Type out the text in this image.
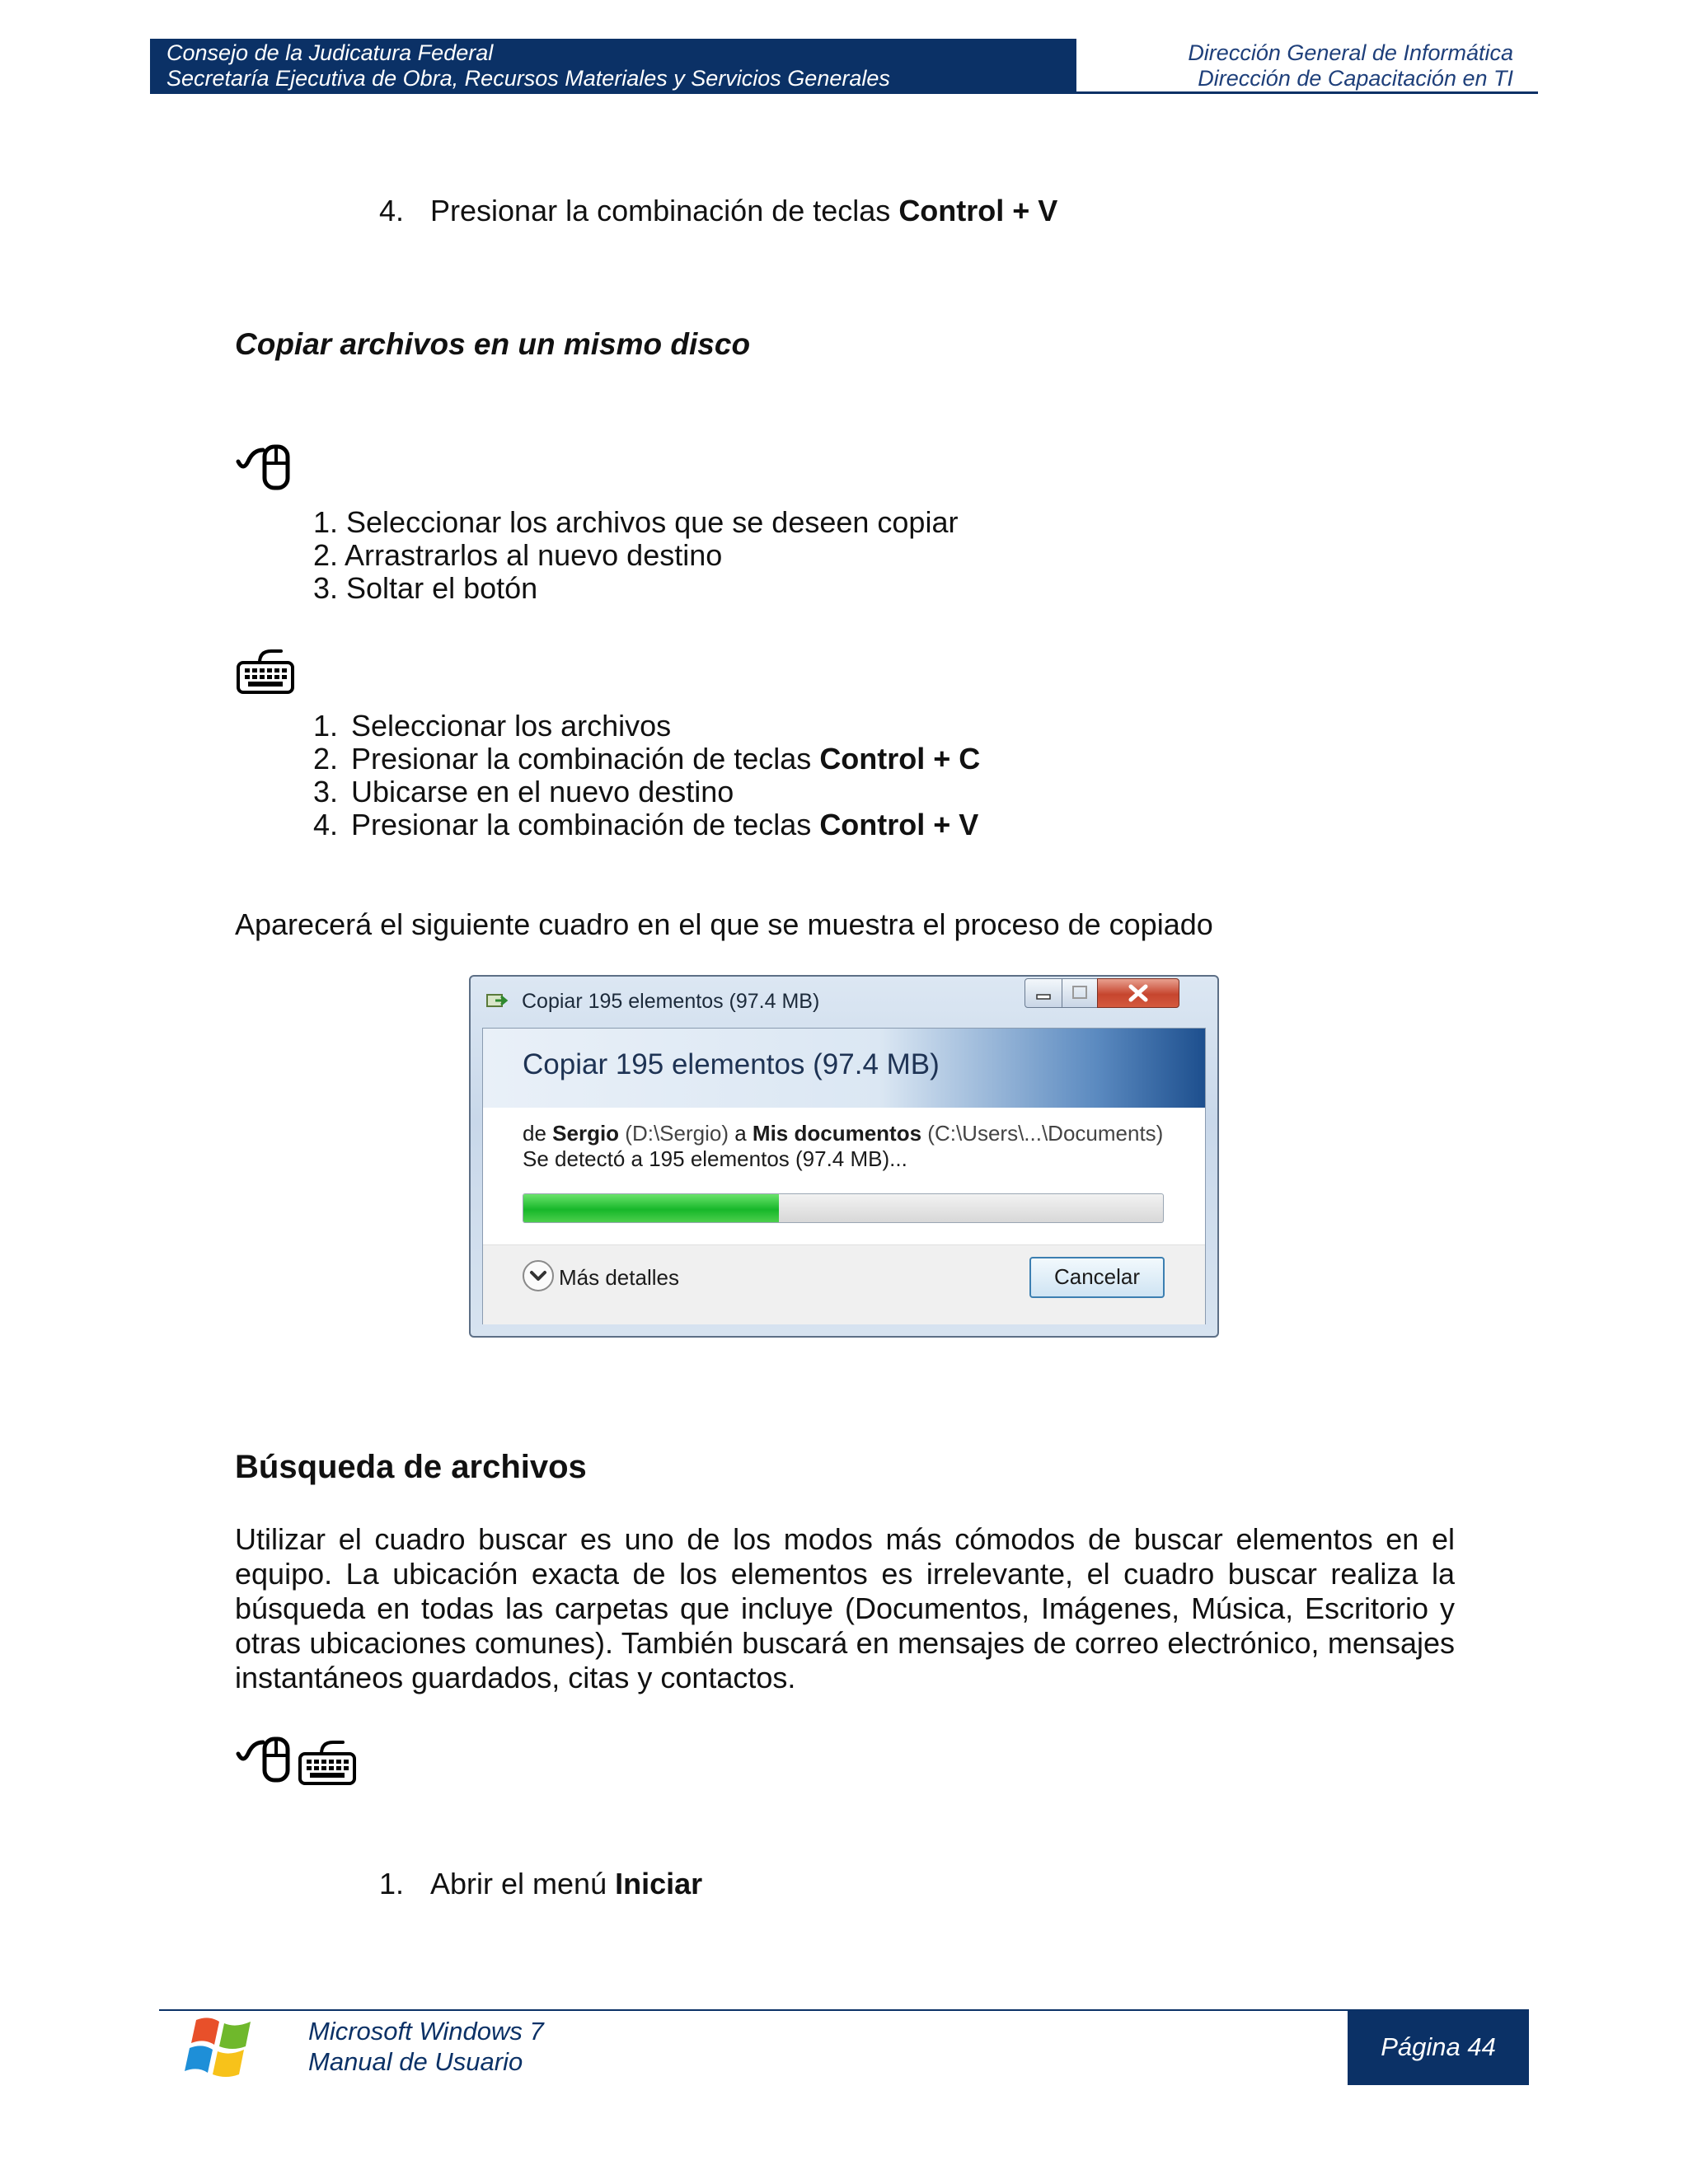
Consejo de la Judicatura Federal
Secretaría Ejecutiva de Obra, Recursos Materiales y Servicios Generales
Dirección General de Informática
Dirección de Capacitación en TI
4. Presionar la combinación de teclas Control + V
Copiar archivos en un mismo disco
1. Seleccionar los archivos que se deseen copiar
2. Arrastrarlos al nuevo destino
3. Soltar el botón
1. Seleccionar los archivos
2. Presionar la combinación de teclas Control + C
3. Ubicarse en el nuevo destino
4. Presionar la combinación de teclas Control + V
Aparecerá el siguiente cuadro en el que se muestra el proceso de copiado
Copiar 195 elementos (97.4 MB)
Copiar 195 elementos (97.4 MB)
de Sergio (D:\Sergio) a Mis documentos (C:\Users\...\Documents)
Se detectó a 195 elementos (97.4 MB)...
Más detalles	Cancelar
Búsqueda de archivos
Utilizar el cuadro buscar es uno de los modos más cómodos de buscar elementos en el equipo. La ubicación exacta de los elementos es irrelevante, el cuadro buscar realiza la búsqueda en todas las carpetas que incluye (Documentos, Imágenes, Música, Escritorio y otras ubicaciones comunes). También buscará en mensajes de correo electrónico, mensajes instantáneos guardados, citas y contactos.
1. Abrir el menú Iniciar
Microsoft Windows 7
Manual de Usuario
Página 44
